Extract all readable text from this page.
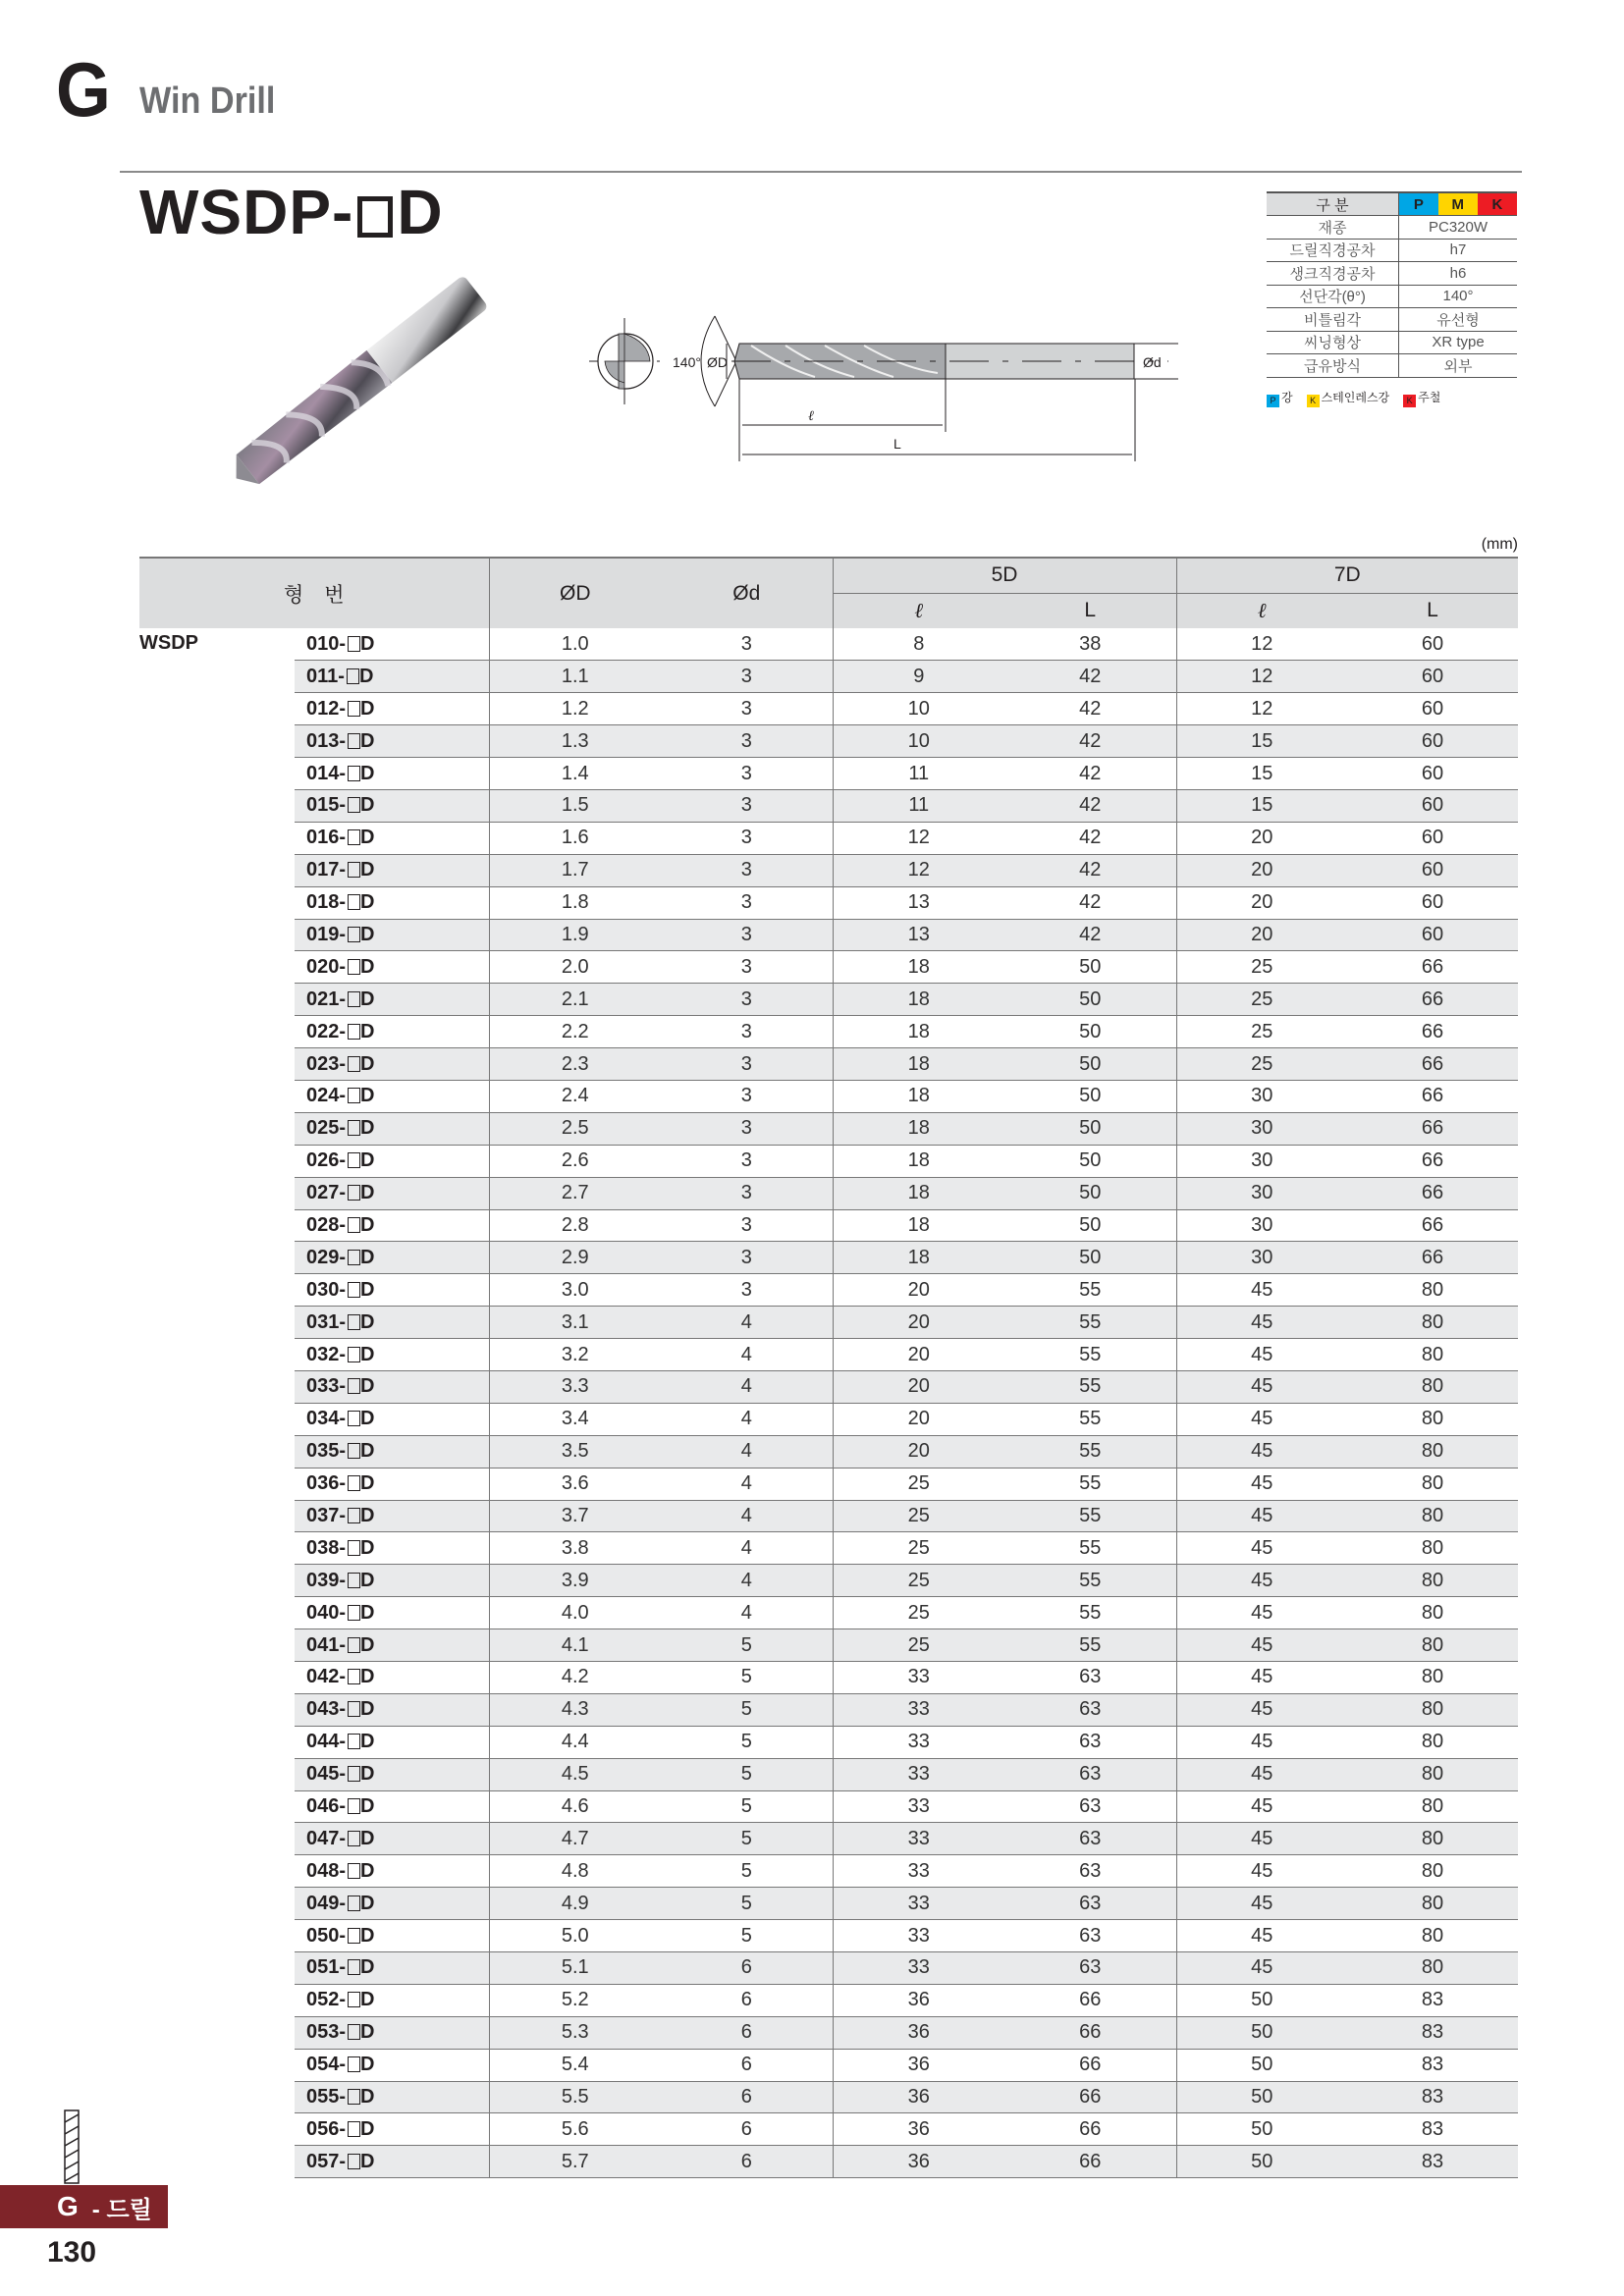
G Win Drill
WSDP- D
140° ØD	Ød
ℓ
L
구 분	P	M	K
재종	PC320W		
드릴직경공차	h7		
생크직경공차	h6		
선단각(θ°)	140°		
비틀림각	유선형		
씨닝형상	XR type		
급유방식	외부		
P 강	K 스테인레스강	K 주철
(mm)
형　번		ØD	Ød	5D		7D	
				ℓ	L	ℓ	L
WSDP	010- D	1.0	3	8	38	12	60
	011- D	1.1	3	9	42	12	60
	012- D	1.2	3	10	42	12	60
	013- D	1.3	3	10	42	15	60
	014- D	1.4	3	11	42	15	60
	015- D	1.5	3	11	42	15	60
	016- D	1.6	3	12	42	20	60
	017- D	1.7	3	12	42	20	60
	018- D	1.8	3	13	42	20	60
	019- D	1.9	3	13	42	20	60
	020- D	2.0	3	18	50	25	66
	021- D	2.1	3	18	50	25	66
	022- D	2.2	3	18	50	25	66
	023- D	2.3	3	18	50	25	66
	024- D	2.4	3	18	50	30	66
	025- D	2.5	3	18	50	30	66
	026- D	2.6	3	18	50	30	66
	027- D	2.7	3	18	50	30	66
	028- D	2.8	3	18	50	30	66
	029- D	2.9	3	18	50	30	66
	030- D	3.0	3	20	55	45	80
	031- D	3.1	4	20	55	45	80
	032- D	3.2	4	20	55	45	80
	033- D	3.3	4	20	55	45	80
	034- D	3.4	4	20	55	45	80
	035- D	3.5	4	20	55	45	80
	036- D	3.6	4	25	55	45	80
	037- D	3.7	4	25	55	45	80
	038- D	3.8	4	25	55	45	80
	039- D	3.9	4	25	55	45	80
	040- D	4.0	4	25	55	45	80
	041- D	4.1	5	25	55	45	80
	042- D	4.2	5	33	63	45	80
	043- D	4.3	5	33	63	45	80
	044- D	4.4	5	33	63	45	80
	045- D	4.5	5	33	63	45	80
	046- D	4.6	5	33	63	45	80
	047- D	4.7	5	33	63	45	80
	048- D	4.8	5	33	63	45	80
	049- D	4.9	5	33	63	45	80
	050- D	5.0	5	33	63	45	80
	051- D	5.1	6	33	63	45	80
	052- D	5.2	6	36	66	50	83
	053- D	5.3	6	36	66	50	83
	054- D	5.4	6	36	66	50	83
	055- D	5.5	6	36	66	50	83
	056- D	5.6	6	36	66	50	83
	057- D	5.7	6	36	66	50	83
G - 드릴
130
